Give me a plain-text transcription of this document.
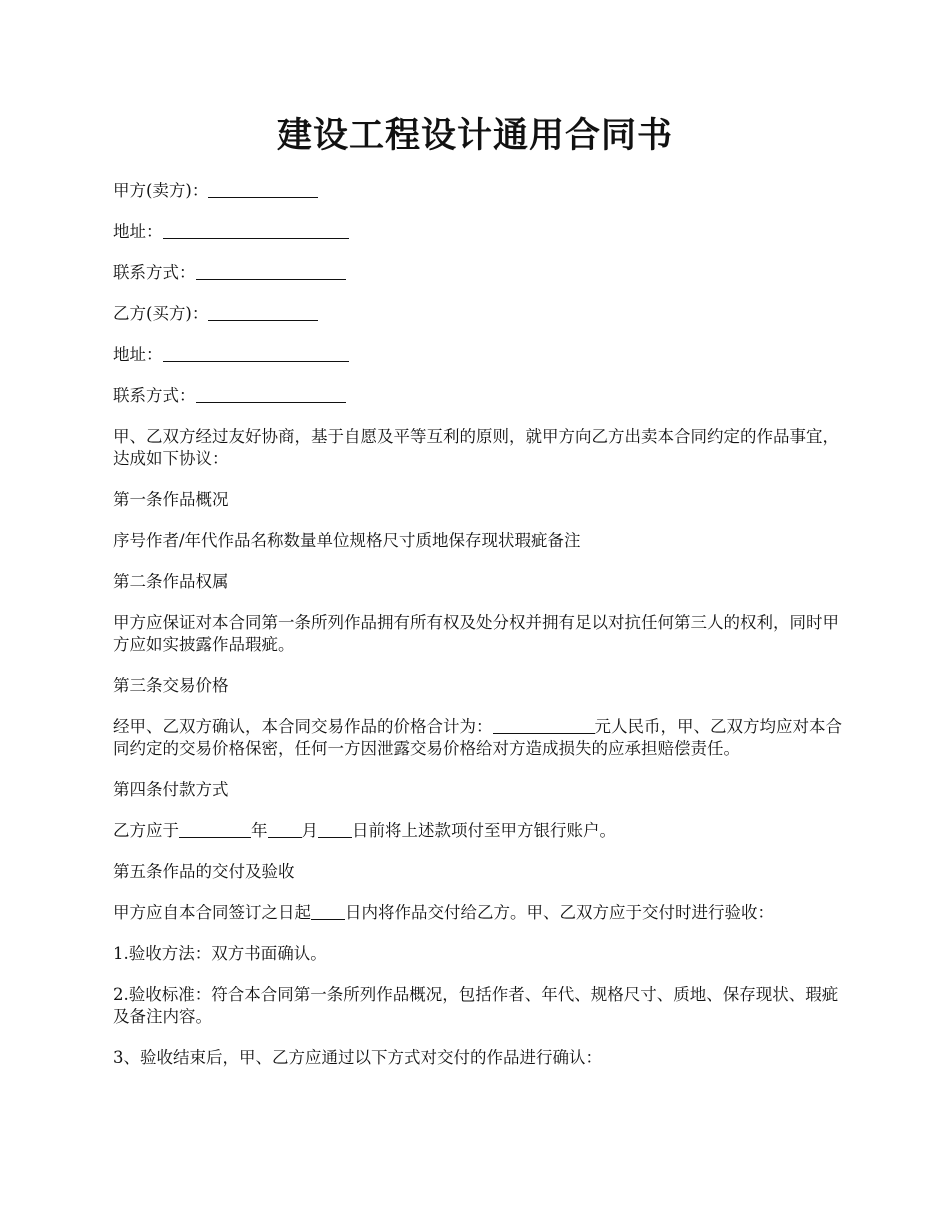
建设工程设计通用合同书

甲方(卖方)：

地址：

联系方式：

乙方(买方)：

地址：

联系方式：

甲、乙双方经过友好协商，基于自愿及平等互利的原则，就甲方向乙方出卖本合同约定的作品事宜，达成如下协议：

第一条作品概况

序号作者/年代作品名称数量单位规格尺寸质地保存现状瑕疵备注

第二条作品权属

甲方应保证对本合同第一条所列作品拥有所有权及处分权并拥有足以对抗任何第三人的权利，同时甲方应如实披露作品瑕疵。

第三条交易价格

经甲、乙双方确认，本合同交易作品的价格合计为：	元人民币，甲、乙双方均应对本合同约定的交易价格保密，任何一方因泄露交易价格给对方造成损失的应承担赔偿责任。

第四条付款方式

乙方应于	年 月 日前将上述款项付至甲方银行账户。

第五条作品的交付及验收

甲方应自本合同签订之日起 日内将作品交付给乙方。甲、乙双方应于交付时进行验收：

1.验收方法：双方书面确认。

2.验收标准：符合本合同第一条所列作品概况，包括作者、年代、规格尺寸、质地、保存现状、瑕疵及备注内容。

3、验收结束后，甲、乙方应通过以下方式对交付的作品进行确认：
